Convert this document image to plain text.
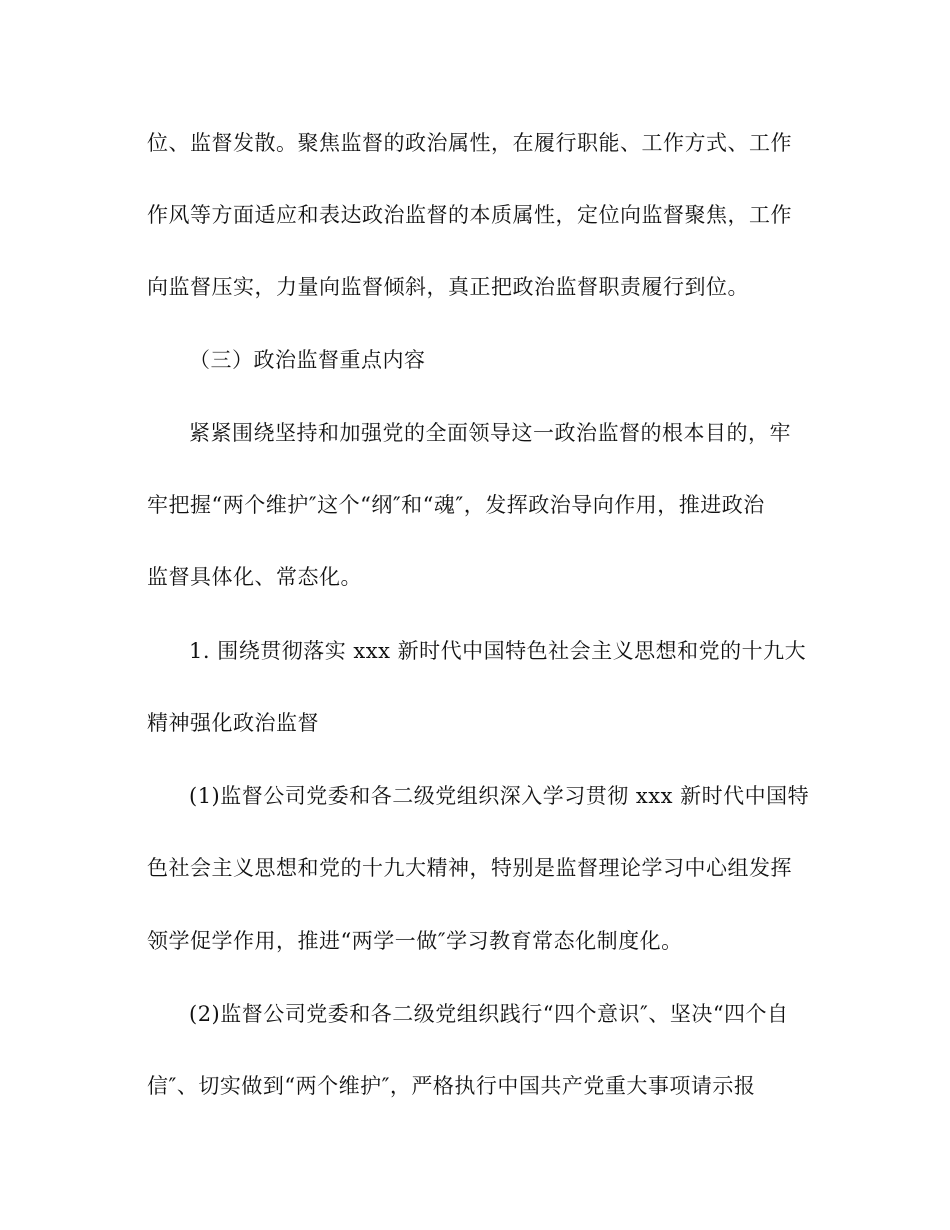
位、监督发散。聚焦监督的政治属性，在履行职能、工作方式、工作
作风等方面适应和表达政治监督的本质属性，定位向监督聚焦，工作
向监督压实，力量向监督倾斜，真正把政治监督职责履行到位。
（三）政治监督重点内容
紧紧围绕坚持和加强党的全面领导这一政治监督的根本目的，牢
牢把握“两个维护″这个“纲″和“魂″，发挥政治导向作用，推进政治
监督具体化、常态化。
1. 围绕贯彻落实 xxx 新时代中国特色社会主义思想和党的十九大
精神强化政治监督
(1)监督公司党委和各二级党组织深入学习贯彻 xxx 新时代中国特
色社会主义思想和党的十九大精神，特别是监督理论学习中心组发挥
领学促学作用，推进“两学一做″学习教育常态化制度化。
(2)监督公司党委和各二级党组织践行“四个意识″、坚决“四个自
信″、切实做到“两个维护″，严格执行中国共产党重大事项请示报
